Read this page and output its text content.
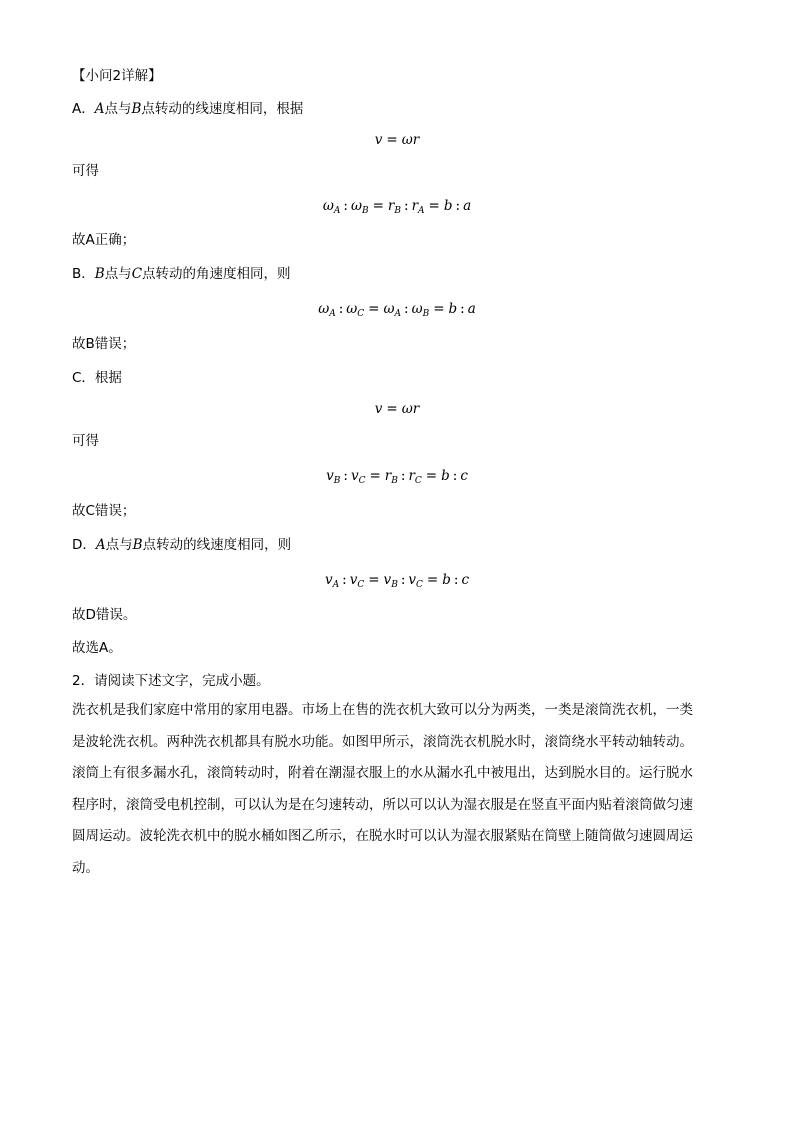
【小问2详解】
A．A点与B点转动的线速度相同，根据
v = ωr
可得
$\omega_A$ : $\omega_B = r_B$ : $r_A = b$ : a
故A正确；
B．B点与C点转动的角速度相同，则
$\omega_A$ : $\omega_C = \omega_A$ : $\omega_B = b$ : a
故B错误；
C．根据
v = ωr
可得
$v_B$ : $v_C = r_B$ : $r_C = b$ : c
故C错误；
D．A点与B点转动的线速度相同，则
$v_A$ : $v_C = v_B$ : $v_C = b$ : c
故D错误。
故选A。
2．请阅读下述文字，完成小题。
洗衣机是我们家庭中常用的家用电器。市场上在售的洗衣机大致可以分为两类，一类是滚筒洗衣机，一类
是波轮洗衣机。两种洗衣机都具有脱水功能。如图甲所示，滚筒洗衣机脱水时，滚筒绕水平转动轴转动。
滚筒上有很多漏水孔，滚筒转动时，附着在潮湿衣服上的水从漏水孔中被甩出，达到脱水目的。运行脱水
程序时，滚筒受电机控制，可以认为是在匀速转动，所以可以认为湿衣服是在竖直平面内贴着滚筒做匀速
圆周运动。波轮洗衣机中的脱水桶如图乙所示，在脱水时可以认为湿衣服紧贴在筒壁上随筒做匀速圆周运
动。
